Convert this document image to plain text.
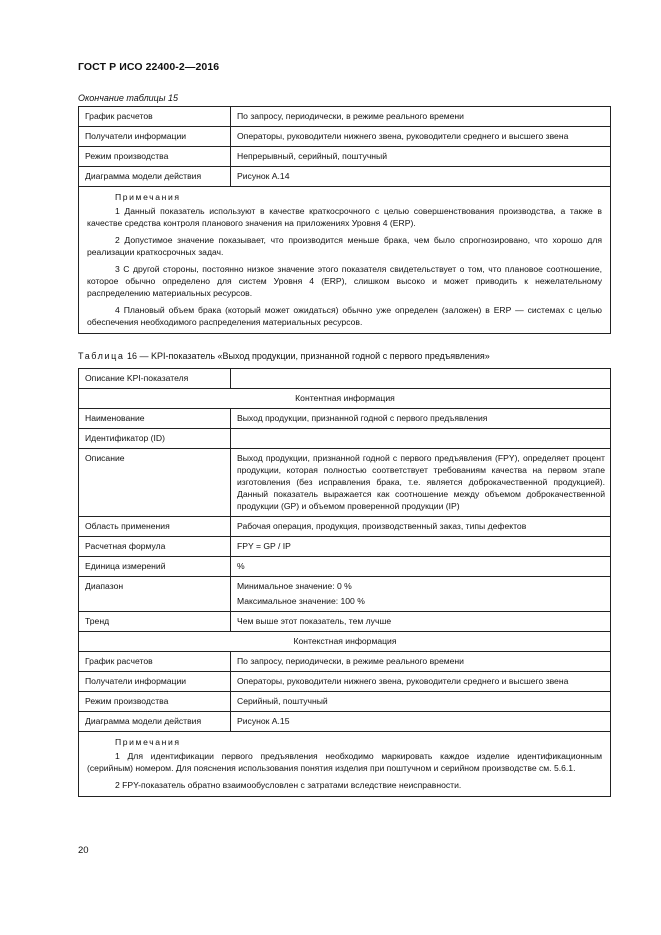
ГОСТ Р ИСО 22400-2—2016
Окончание таблицы 15
График расчетов	По запросу, периодически, в режиме реального времени
Получатели информации	Операторы, руководители нижнего звена, руководители среднего и высшего звена
Режим производства	Непрерывный, серийный, поштучный
Диаграмма модели действия	Рисунок А.14

Примечания

1 Данный показатель используют в качестве краткосрочного с целью совершенствования производства, а также в качестве средства контроля планового значения на приложениях Уровня 4 (ERP).

2 Допустимое значение показывает, что производится меньше брака, чем было спрогнозировано, что хорошо для реализации краткосрочных задач.

3 С другой стороны, постоянно низкое значение этого показателя свидетельствует о том, что плановое соотношение, которое обычно определено для систем Уровня 4 (ERP), слишком высоко и может приводить к нежелательному распределению материальных ресурсов.

4 Плановый объем брака (который может ожидаться) обычно уже определен (заложен) в ERP — системах с целью обеспечения необходимого распределения материальных ресурсов.	

Таблица 16 — KPI-показатель «Выход продукции, признанной годной с первого предъявления»
Описание KPI-показателя	
Контентная информация	
Наименование	Выход продукции, признанной годной с первого предъявления
Идентификатор (ID)	
Описание	Выход продукции, признанной годной с первого предъявления (FPY), определяет процент продукции, которая полностью соответствует требованиям качества на первом этапе изготовления (без исправления брака, т.е. является доброкачественной продукцией). Данный показатель выражается как соотношение между объемом доброкачественной продукции (GP) и объемом проверенной продукции (IP)
Область применения	Рабочая операция, продукция, производственный заказ, типы дефектов
Расчетная формула	FPY = GP / IP
Единица измерений	%
Диапазон	Минимальное значение: 0 %
Максимальное значение: 100 %

Тренд	Чем выше этот показатель, тем лучше
Контекстная информация	
График расчетов	По запросу, периодически, в режиме реального времени
Получатели информации	Операторы, руководители нижнего звена, руководители среднего и высшего звена
Режим производства	Серийный, поштучный
Диаграмма модели действия	Рисунок А.15

Примечания

1 Для идентификации первого предъявления необходимо маркировать каждое изделие идентификационным (серийным) номером. Для пояснения использования понятия изделия при поштучном и серийном производстве см. 5.6.1.

2 FPY-показатель обратно взаимообусловлен с затратами вследствие неисправности.	

20
